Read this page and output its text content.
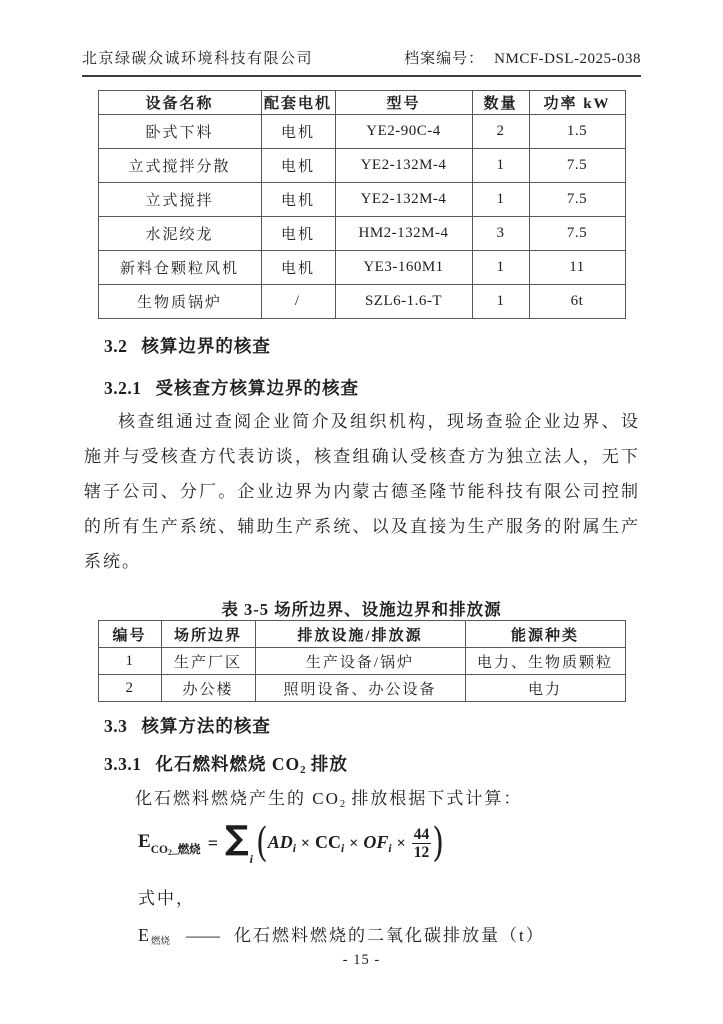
北京绿碳众诚环境科技有限公司	档案编号： NMCF-DSL-2025-038
设备名称	配套电机	型号	数量	功率 kW
卧式下料	电机	YE2-90C-4	2	1.5
立式搅拌分散	电机	YE2-132M-4	1	7.5
立式搅拌	电机	YE2-132M-4	1	7.5
水泥绞龙	电机	HM2-132M-4	3	7.5
新料仓颗粒风机	电机	YE3-160M1	1	11
生物质锅炉	/	SZL6-1.6-T	1	6t
3.2 核算边界的核查
3.2.1 受核查方核算边界的核查

核查组通过查阅企业简介及组织机构，现场查验企业边界、设施并与受核查方代表访谈，核查组确认受核查方为独立法人，无下辖子公司、分厂。企业边界为内蒙古德圣隆节能科技有限公司控制的所有生产系统、辅助生产系统、以及直接为生产服务的附属生产系统。

表 3-5 场所边界、设施边界和排放源
编号	场所边界	排放设施/排放源	能源种类
1	生产厂区	生产设备/锅炉	电力、生物质颗粒
2	办公楼	照明设备、办公设备	电力
3.3 核算方法的核查
3.3.1 化石燃料燃烧 CO2 排放

化石燃料燃烧产生的 CO2 排放根据下式计算：

$E_{CO2\_燃烧} = \sum_i$ ( $AD_i \times CC_i \times OF_i \times \frac{44}{12}$ )
式中，
E燃烧 —— 化石燃料燃烧的二氧化碳排放量（t）
- 15 -
